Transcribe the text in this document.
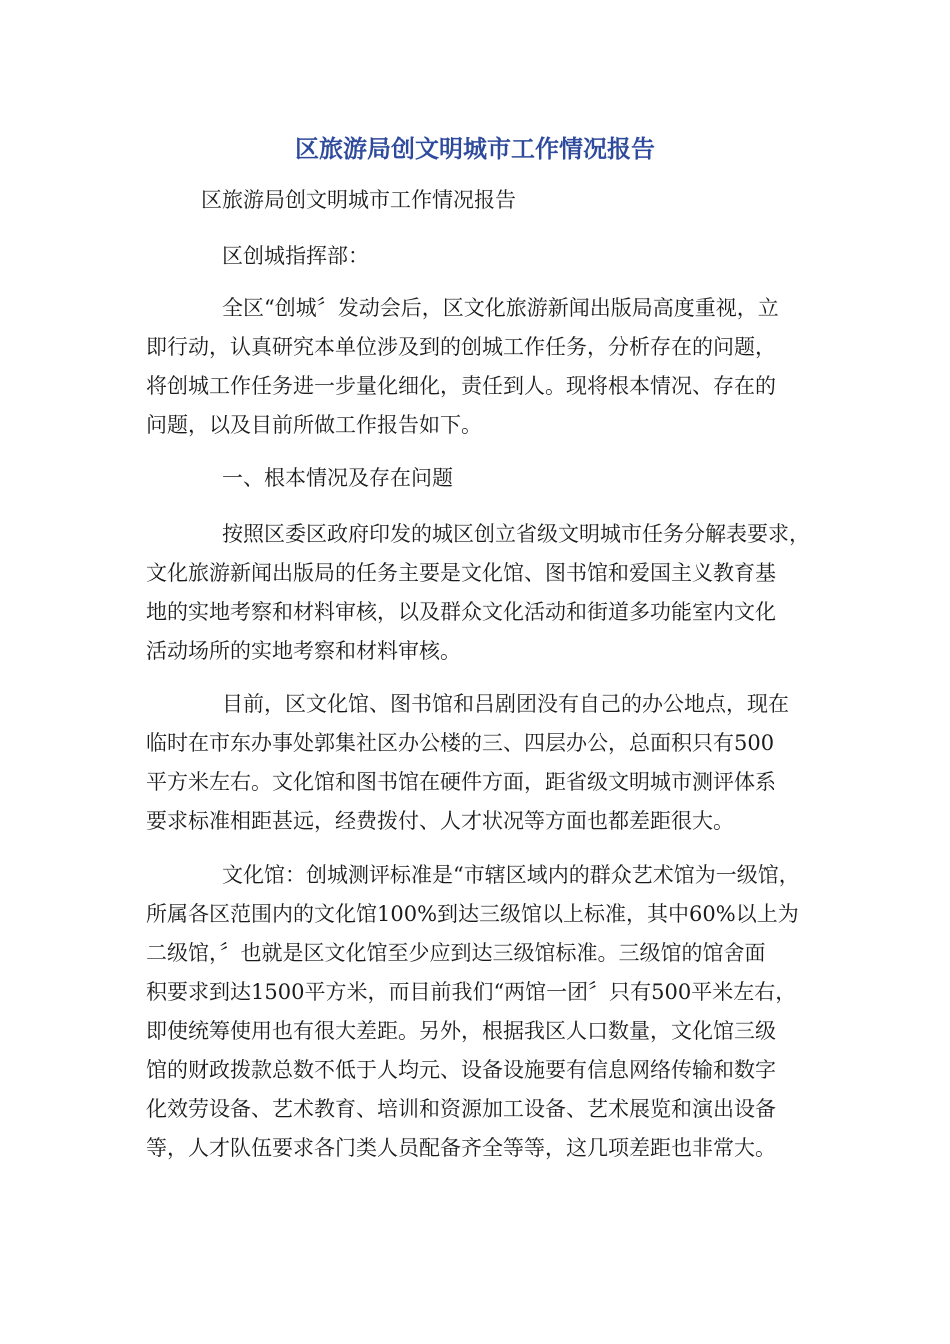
区旅游局创文明城市工作情况报告

区旅游局创文明城市工作情况报告

区创城指挥部：

全区“创城〞发动会后，区文化旅游新闻出版局高度重视，立
即行动，认真研究本单位涉及到的创城工作任务，分析存在的问题，
将创城工作任务进一步量化细化，责任到人。现将根本情况、存在的
问题，以及目前所做工作报告如下。

一、根本情况及存在问题

按照区委区政府印发的城区创立省级文明城市任务分解表要求，
文化旅游新闻出版局的任务主要是文化馆、图书馆和爱国主义教育基
地的实地考察和材料审核，以及群众文化活动和街道多功能室内文化
活动场所的实地考察和材料审核。
目前，区文化馆、图书馆和吕剧团没有自己的办公地点，现在
临时在市东办事处郭集社区办公楼的三、四层办公，总面积只有500
平方米左右。文化馆和图书馆在硬件方面，距省级文明城市测评体系
要求标准相距甚远，经费拨付、人才状况等方面也都差距很大。
文化馆：创城测评标准是“市辖区域内的群众艺术馆为一级馆，
所属各区范围内的文化馆100%到达三级馆以上标准，其中60%以上为
二级馆，〞也就是区文化馆至少应到达三级馆标准。三级馆的馆舍面
积要求到达1500平方米，而目前我们“两馆一团〞只有500平米左右，
即使统筹使用也有很大差距。另外，根据我区人口数量，文化馆三级
馆的财政拨款总数不低于人均元、设备设施要有信息网络传输和数字
化效劳设备、艺术教育、培训和资源加工设备、艺术展览和演出设备
等，人才队伍要求各门类人员配备齐全等等，这几项差距也非常大。
